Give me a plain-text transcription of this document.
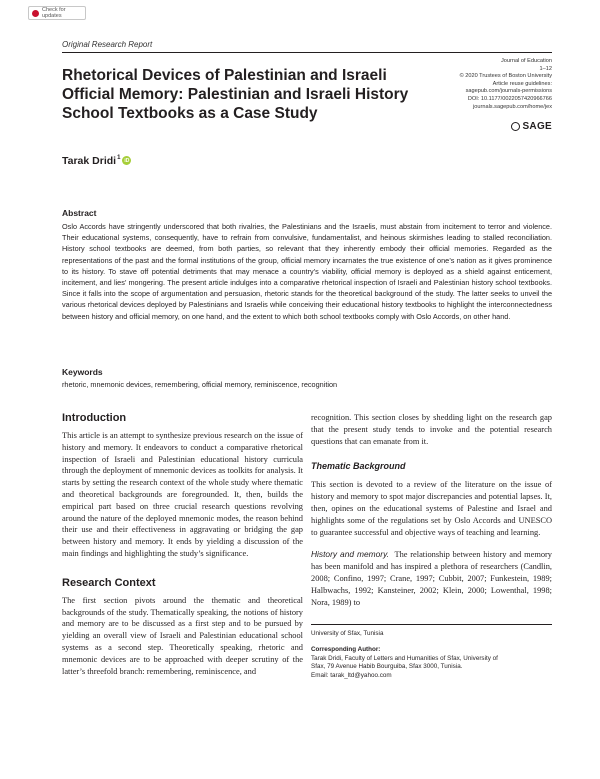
Check for updates
Original Research Report
Rhetorical Devices of Palestinian and Israeli Official Memory: Palestinian and Israeli History School Textbooks as a Case Study
Journal of Education
1–12
© 2020 Trustees of Boston University
Article reuse guidelines:
sagepub.com/journals-permissions
DOI: 10.1177/0022057420966766
journals.sagepub.com/home/jex
SAGE
Tarak Dridi$^1$ iD
Abstract

Oslo Accords have stringently underscored that both rivalries, the Palestinians and the Israelis, must abstain from incitement to terror and violence. Their educational systems, consequently, have to refrain from convulsive, fundamentalist, and heinous skirmishes leading to stalled reconciliation. History school textbooks are deemed, from both parties, so relevant that they inherently embody their official memories. Regarded as the representations of the past and the formal institutions of the group, official memory incarnates the true existence of one’s nation as it gives prominence to its history. To stave off potential detriments that may menace a country’s viability, official memory is deployed as a shield against enticement, incitement, and lies’ mongering. The present article indulges into a comparative rhetorical inspection of Israeli and Palestinian history school textbooks. Since it falls into the scope of argumentation and persuasion, rhetoric stands for the theoretical background of the study. The latter seeks to unveil the various rhetorical devices deployed by Palestinians and Israelis while conceiving their educational history textbooks to highlight the interconnectedness between history and official memory, on one hand, and the extent to which both school textbooks comply with Oslo Accords, on other hand.

Keywords

rhetoric, mnemonic devices, remembering, official memory, reminiscence, recognition

Introduction

This article is an attempt to synthesize previous research on the issue of history and memory. It endeavors to conduct a comparative rhetorical inspection of Israeli and Palestinian educational history curricula through the deployment of mnemonic devices as toolkits for analysis. It starts by setting the research context of the whole study where thematic and theoretical backgrounds are foregrounded. It, then, builds the empirical part based on three crucial research questions revolving around the nature of the deployed mnemonic modes, the reason behind their use and their effectiveness in aggravating or bridging the gap between history and memory. It ends by yielding a discussion of the main findings and highlighting the study’s significance.

Research Context

The first section pivots around the thematic and theoretical backgrounds of the study. Thematically speaking, the notions of history and memory are to be discussed as a first step and to be pursued by yielding an overall view of Israeli and Palestinian educational school systems as a second step. Theoretically speaking, rhetoric and mnemonic devices are to be approached with deeper scrutiny of the latter’s threefold branch: remembering, reminiscence, and

recognition. This section closes by shedding light on the research gap that the present study tends to invoke and the potential research questions that can emanate from it.

Thematic Background

This section is devoted to a review of the literature on the issue of history and memory to spot major discrepancies and potential lapses. It, then, opines on the educational systems of Palestine and Israel and highlights some of the regulations set by Oslo Accords and UNESCO to guarantee successful and objective ways of teaching and learning.

History and memory. The relationship between history and memory has been manifold and has inspired a plethora of researchers (Candlin, 2008; Confino, 1997; Crane, 1997; Cubbit, 2007; Funkestein, 1989; Halbwachs, 1992; Kansteiner, 2002; Klein, 2000; Lowenthal, 1998; Nora, 1989) to

University of Sfax, Tunisia
Corresponding Author:
Tarak Dridi, Faculty of Letters and Humanities of Sfax, University of
Sfax, 79 Avenue Habib Bourguiba, Sfax 3000, Tunisia.
Email: tarak_ltd@yahoo.com
